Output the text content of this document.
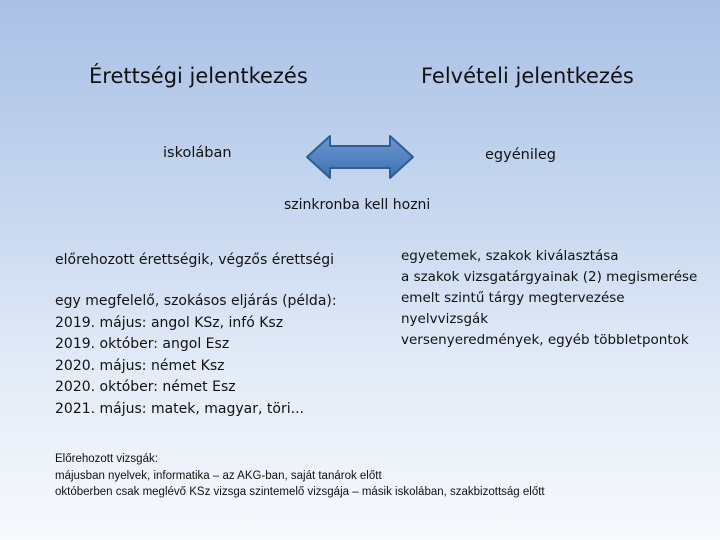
Érettségi jelentkezés	Felvételi jelentkezés
iskolában	egyénileg
szinkronba kell hozni
előrehozott érettségik, végzős érettségi
egy megfelelő, szokásos eljárás (példa):
2019. május: angol KSz, infó Ksz
2019. október: angol Esz
2020. május: német Ksz
2020. október: német Esz
2021. május: matek, magyar, töri...
egyetemek, szakok kiválasztása
a szakok vizsgatárgyainak (2) megismerése
emelt szintű tárgy megtervezése
nyelvvizsgák
versenyeredmények, egyéb többletpontok
Előrehozott vizsgák:
májusban nyelvek, informatika – az AKG-ban, saját tanárok előtt
októberben csak meglévő KSz vizsga szintemelő vizsgája – másik iskolában, szakbizottság előtt
